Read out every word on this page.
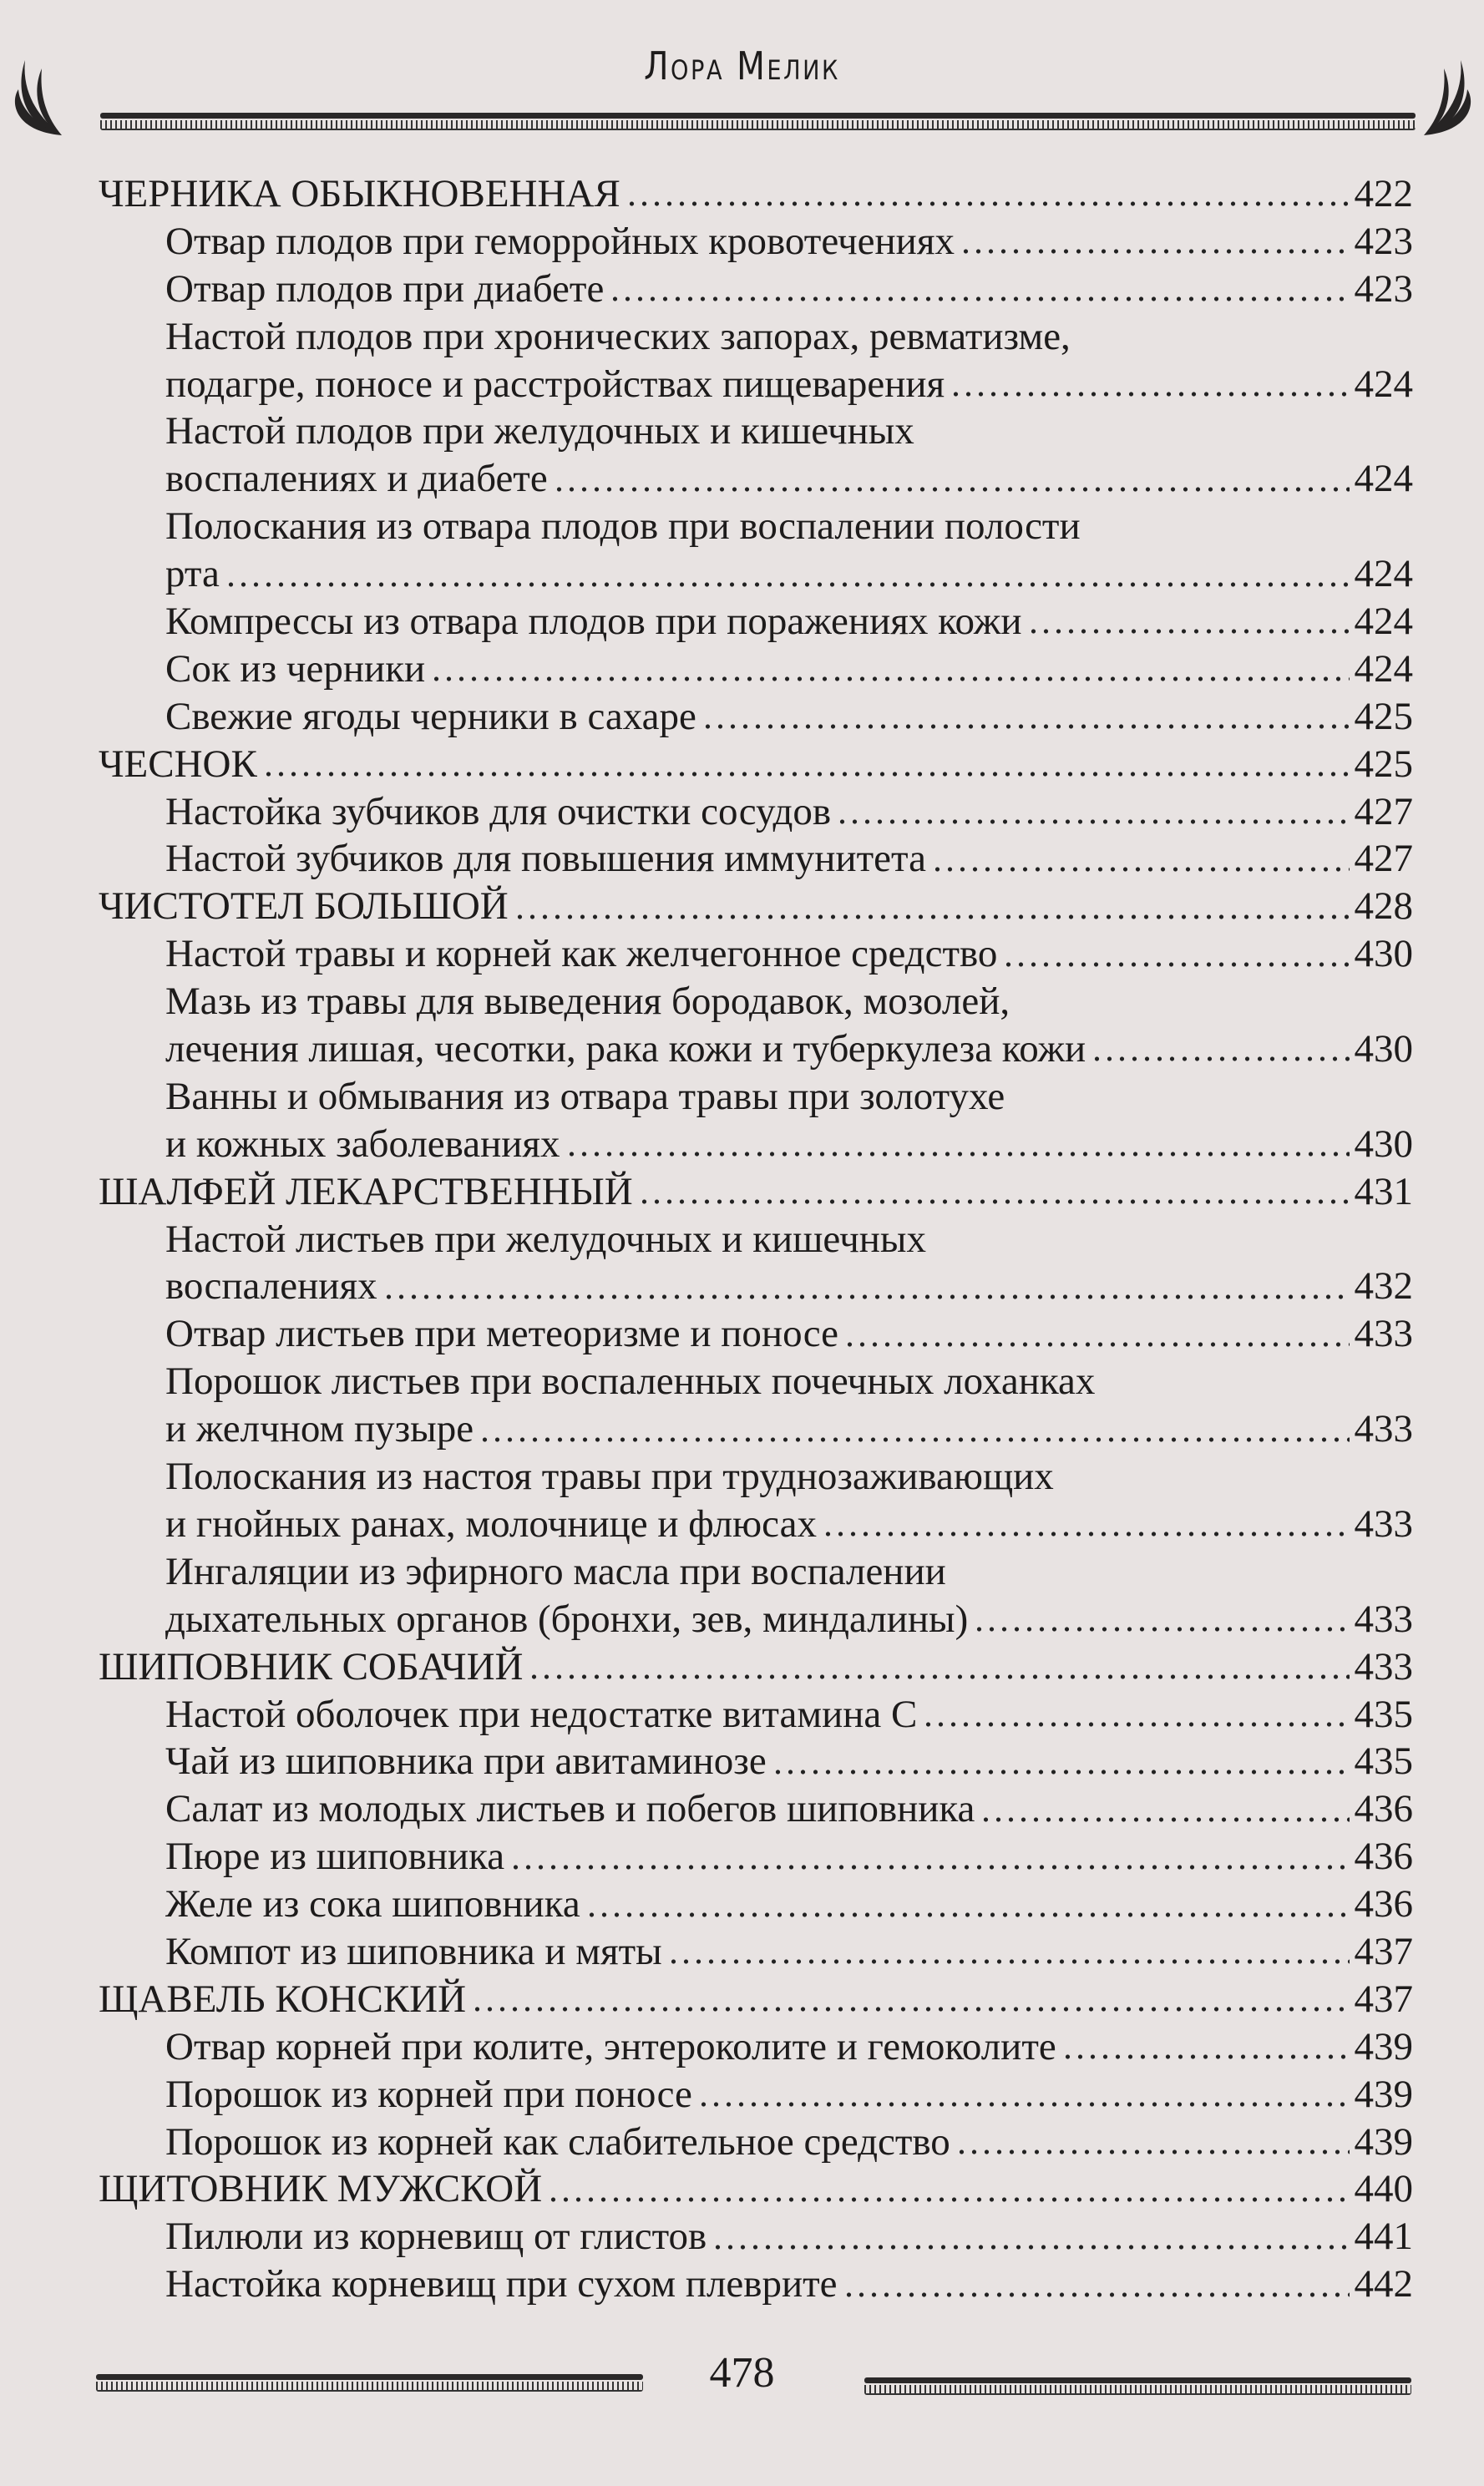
Лора Мелик
ЧЕРНИКА ОБЫКНОВЕННАЯ	422
Отвар плодов при геморройных кровотечениях	423
Отвар плодов при диабете	423
Настой плодов при хронических запорах, ревматизме,
подагре, поносе и расстройствах пищеварения	424
Настой плодов при желудочных и кишечных
воспалениях и диабете	424
Полоскания из отвара плодов при воспалении полости
рта	424
Компрессы из отвара плодов при поражениях кожи	424
Сок из черники	424
Свежие ягоды черники в сахаре	425
ЧЕСНОК	425
Настойка зубчиков для очистки сосудов	427
Настой зубчиков для повышения иммунитета	427
ЧИСТОТЕЛ БОЛЬШОЙ	428
Настой травы и корней как желчегонное средство	430
Мазь из травы для выведения бородавок, мозолей,
лечения лишая, чесотки, рака кожи и туберкулеза кожи	430
Ванны и обмывания из отвара травы при золотухе
и кожных заболеваниях	430
ШАЛФЕЙ ЛЕКАРСТВЕННЫЙ	431
Настой листьев при желудочных и кишечных
воспалениях	432
Отвар листьев при метеоризме и поносе	433
Порошок листьев при воспаленных почечных лоханках
и желчном пузыре	433
Полоскания из настоя травы при труднозаживающих
и гнойных ранах, молочнице и флюсах	433
Ингаляции из эфирного масла при воспалении
дыхательных органов (бронхи, зев, миндалины)	433
ШИПОВНИК СОБАЧИЙ	433
Настой оболочек при недостатке витамина С	435
Чай из шиповника при авитаминозе	435
Салат из молодых листьев и побегов шиповника	436
Пюре из шиповника	436
Желе из сока шиповника	436
Компот из шиповника и мяты	437
ЩАВЕЛЬ КОНСКИЙ	437
Отвар корней при колите, энтероколите и гемоколите	439
Порошок из корней при поносе	439
Порошок из корней как слабительное средство	439
ЩИТОВНИК МУЖСКОЙ	440
Пилюли из корневищ от глистов	441
Настойка корневищ при сухом плеврите	442
478
